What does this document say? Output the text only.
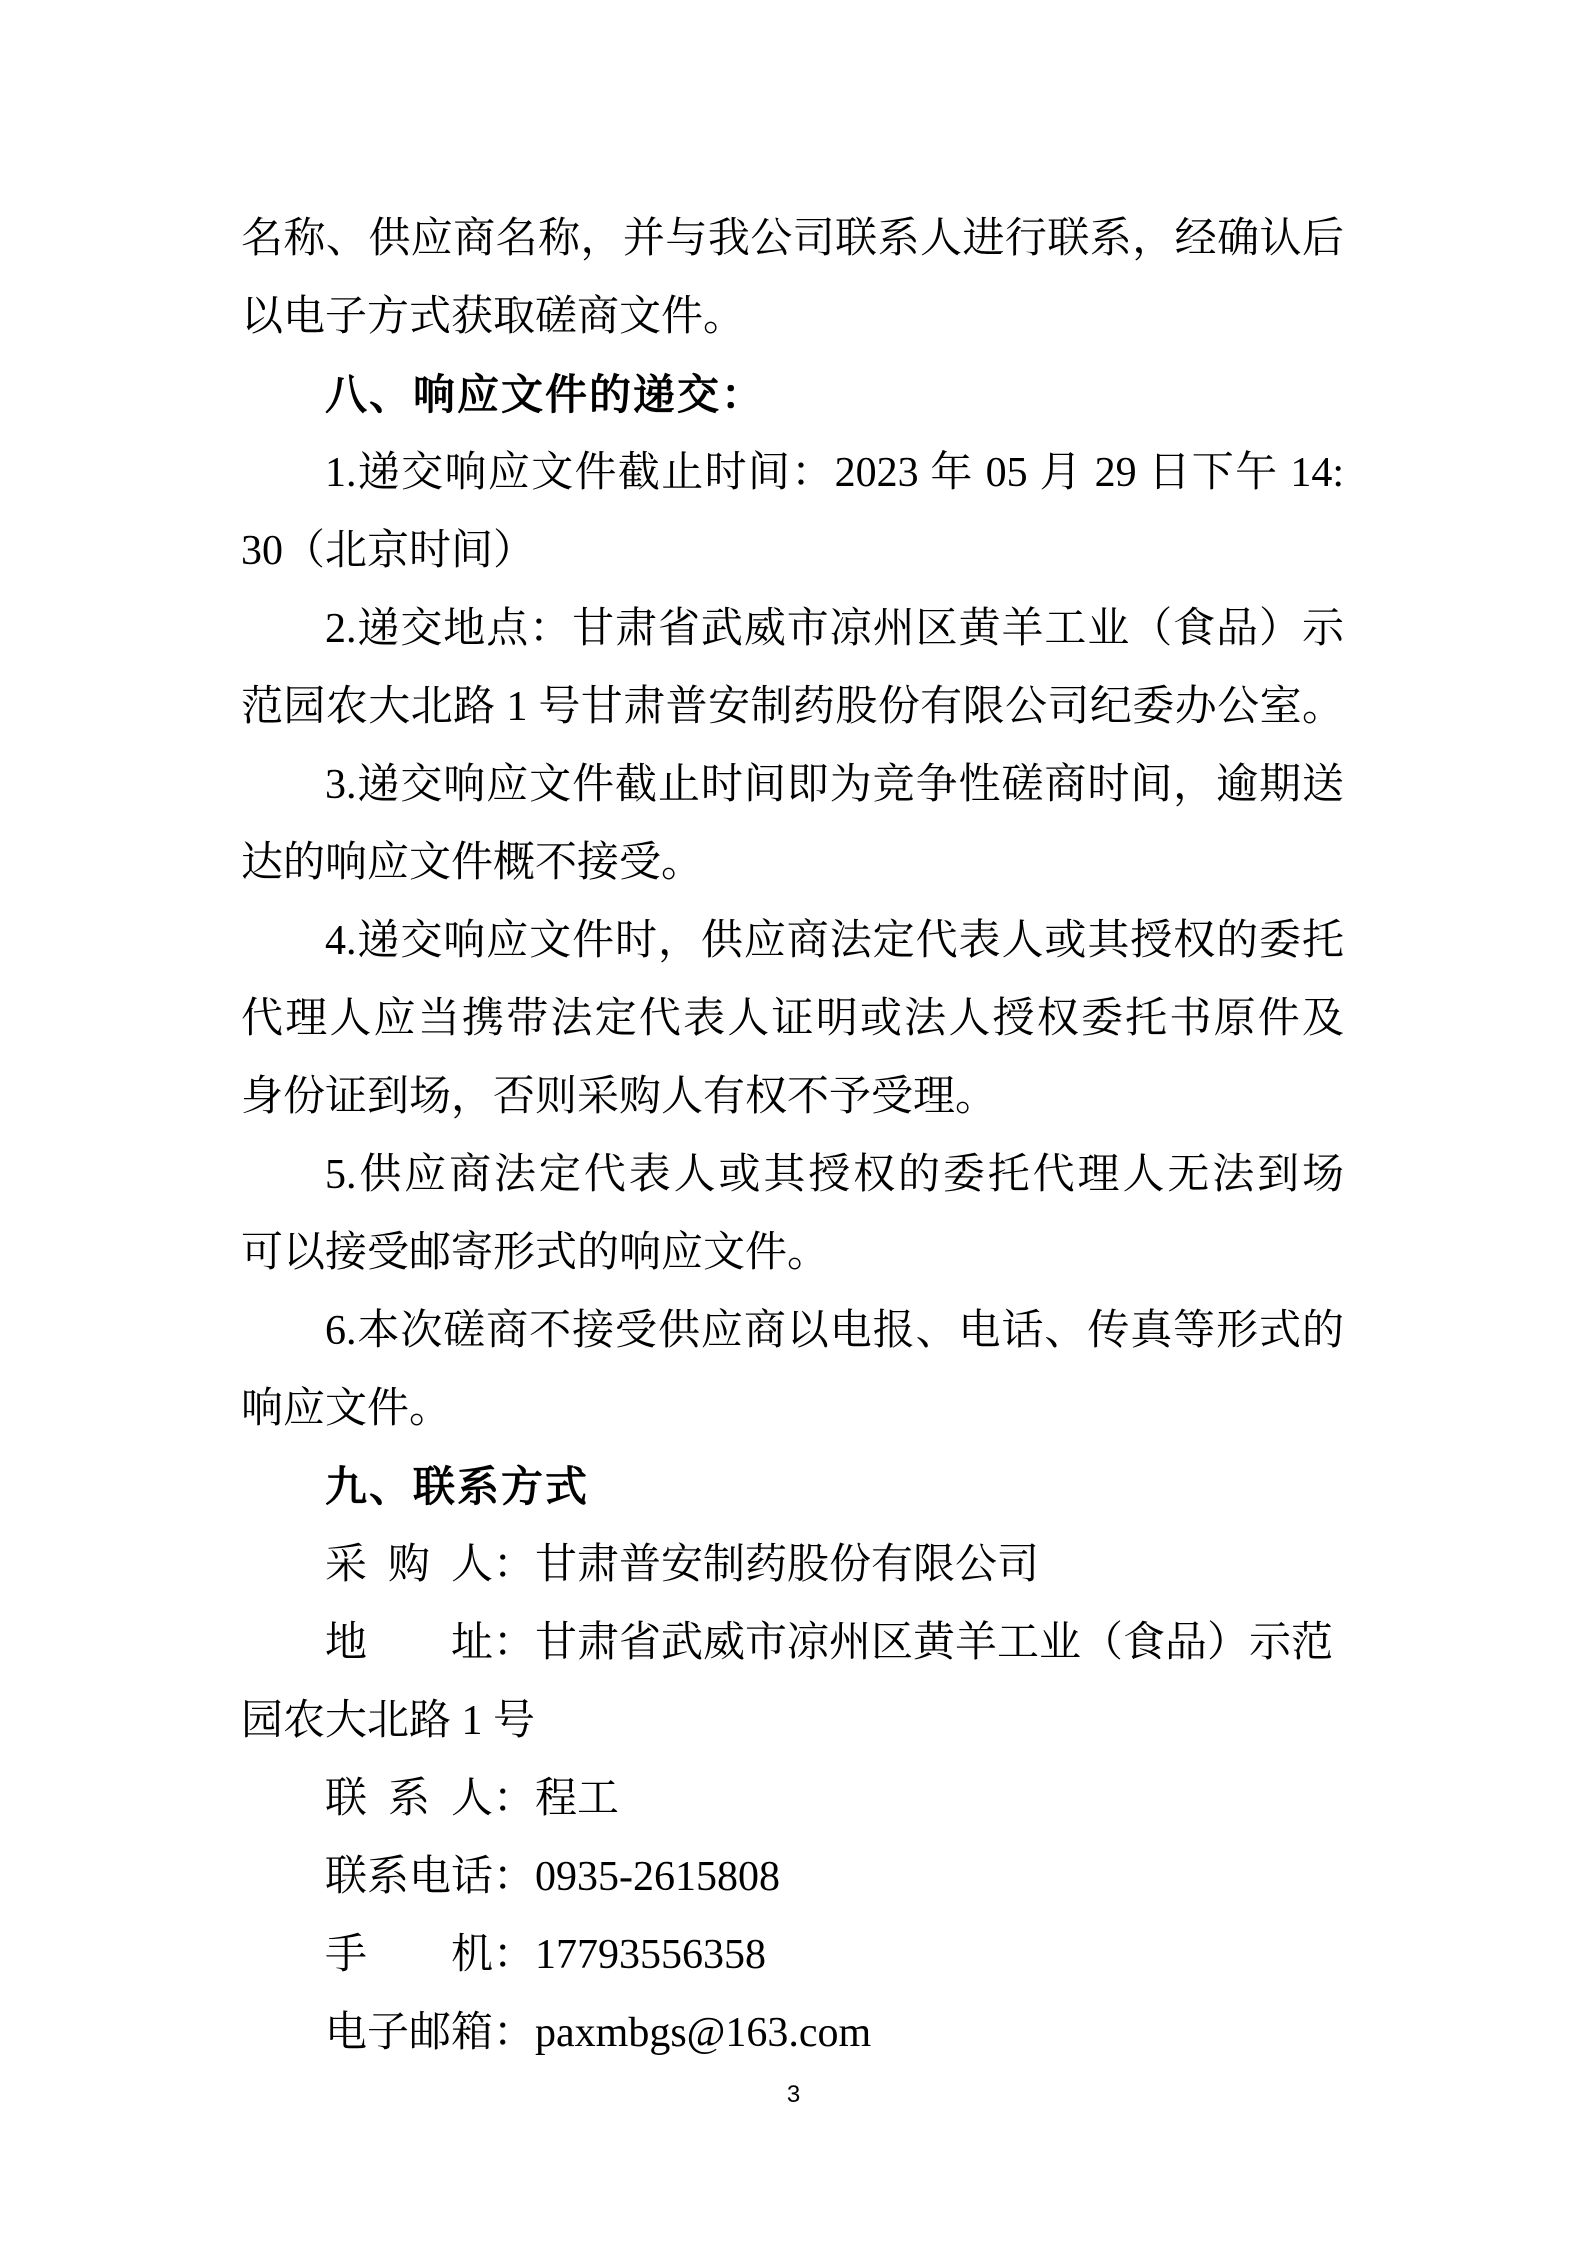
名称、供应商名称，并与我公司联系人进行联系，经确认后
以电子方式获取磋商文件。
八、响应文件的递交：
1.递交响应文件截止时间：2023 年 05 月 29 日下午 14:
30（北京时间）
2.递交地点：甘肃省武威市凉州区黄羊工业（食品）示
范园农大北路 1 号甘肃普安制药股份有限公司纪委办公室。
3.递交响应文件截止时间即为竞争性磋商时间，逾期送
达的响应文件概不接受。
4.递交响应文件时，供应商法定代表人或其授权的委托
代理人应当携带法定代表人证明或法人授权委托书原件及
身份证到场，否则采购人有权不予受理。
5.供应商法定代表人或其授权的委托代理人无法到场
可以接受邮寄形式的响应文件。
6.本次磋商不接受供应商以电报、电话、传真等形式的
响应文件。
九、联系方式
采购人：甘肃普安制药股份有限公司
地址：甘肃省武威市凉州区黄羊工业（食品）示范
园农大北路 1 号
联系人：程工
联系电话：0935-2615808
手机：17793556358
电子邮箱：paxmbgs@163.com
3
